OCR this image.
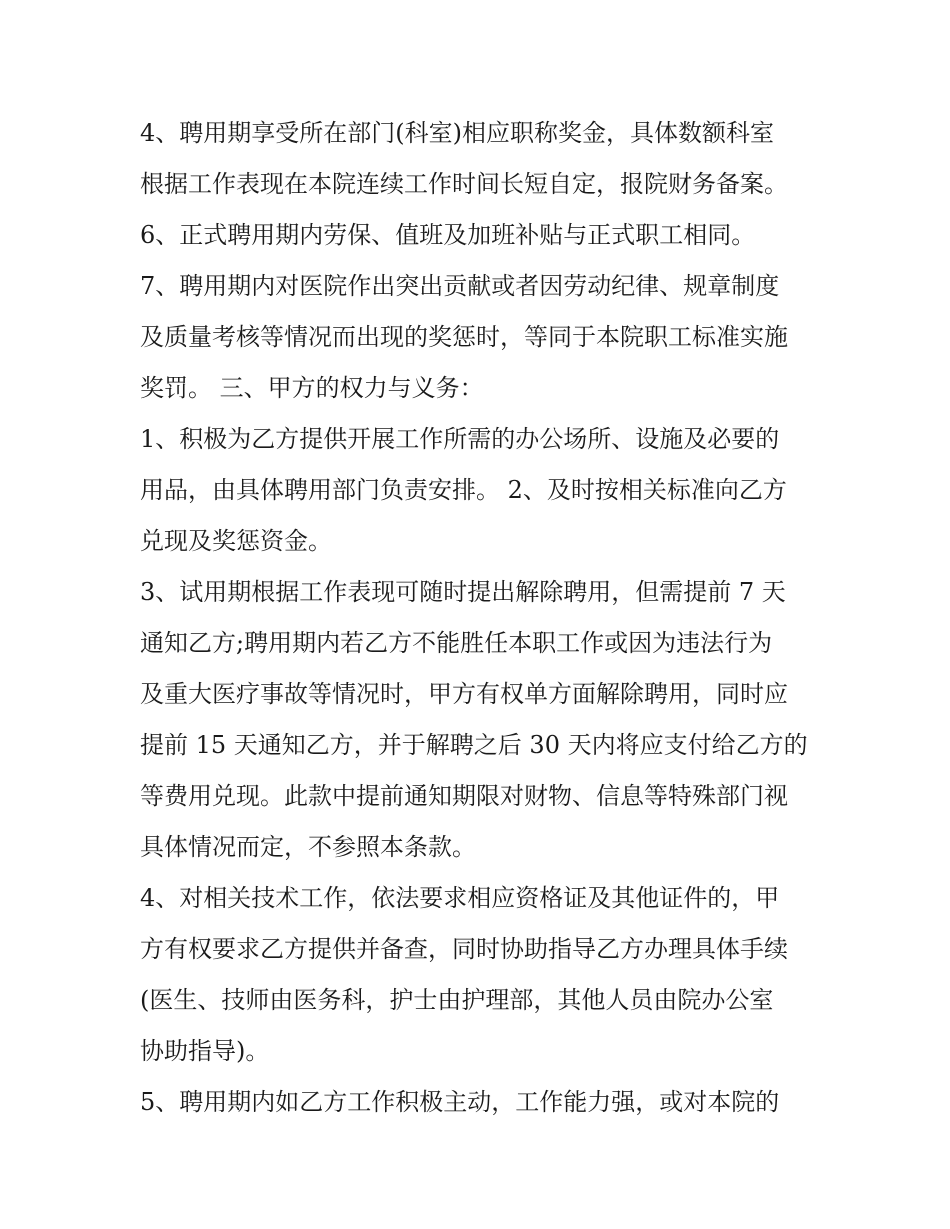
4、聘用期享受所在部门(科室)相应职称奖金，具体数额科室
根据工作表现在本院连续工作时间长短自定，报院财务备案。

6、正式聘用期内劳保、值班及加班补贴与正式职工相同。

7、聘用期内对医院作出突出贡献或者因劳动纪律、规章制度
及质量考核等情况而出现的奖惩时，等同于本院职工标准实施
奖罚。 三、甲方的权力与义务：

1、积极为乙方提供开展工作所需的办公场所、设施及必要的
用品，由具体聘用部门负责安排。 2、及时按相关标准向乙方
兑现及奖惩资金。

3、试用期根据工作表现可随时提出解除聘用，但需提前 7 天
通知乙方;聘用期内若乙方不能胜任本职工作或因为违法行为
及重大医疗事故等情况时，甲方有权单方面解除聘用，同时应
提前 15 天通知乙方，并于解聘之后 30 天内将应支付给乙方的
等费用兑现。此款中提前通知期限对财物、信息等特殊部门视
具体情况而定，不参照本条款。

4、对相关技术工作，依法要求相应资格证及其他证件的，甲
方有权要求乙方提供并备查，同时协助指导乙方办理具体手续
(医生、技师由医务科，护士由护理部，其他人员由院办公室
协助指导)。

5、聘用期内如乙方工作积极主动，工作能力强，或对本院的
